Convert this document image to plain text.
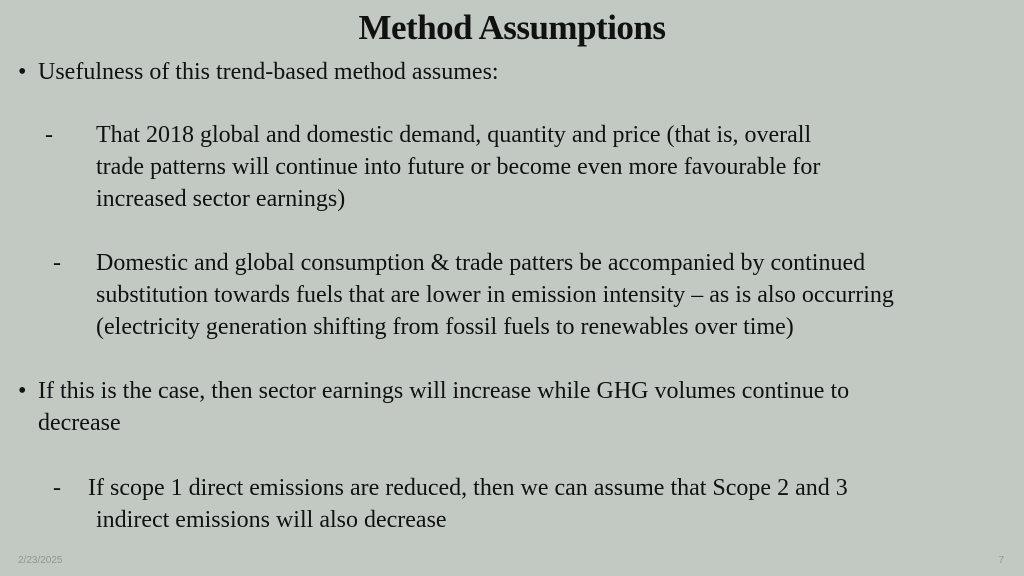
Method Assumptions
• Usefulness of this trend-based method assumes:
- That 2018 global and domestic demand, quantity and price (that is, overall
trade patterns will continue into future or become even more favourable for
increased sector earnings)
- Domestic and global consumption & trade patters be accompanied by continued
substitution towards fuels that are lower in emission intensity – as is also occurring
(electricity generation shifting from fossil fuels to renewables over time)
• If this is the case, then sector earnings will increase while GHG volumes continue to
decrease
- If scope 1 direct emissions are reduced, then we can assume that Scope 2 and 3
indirect emissions will also decrease
2/23/2025	7
